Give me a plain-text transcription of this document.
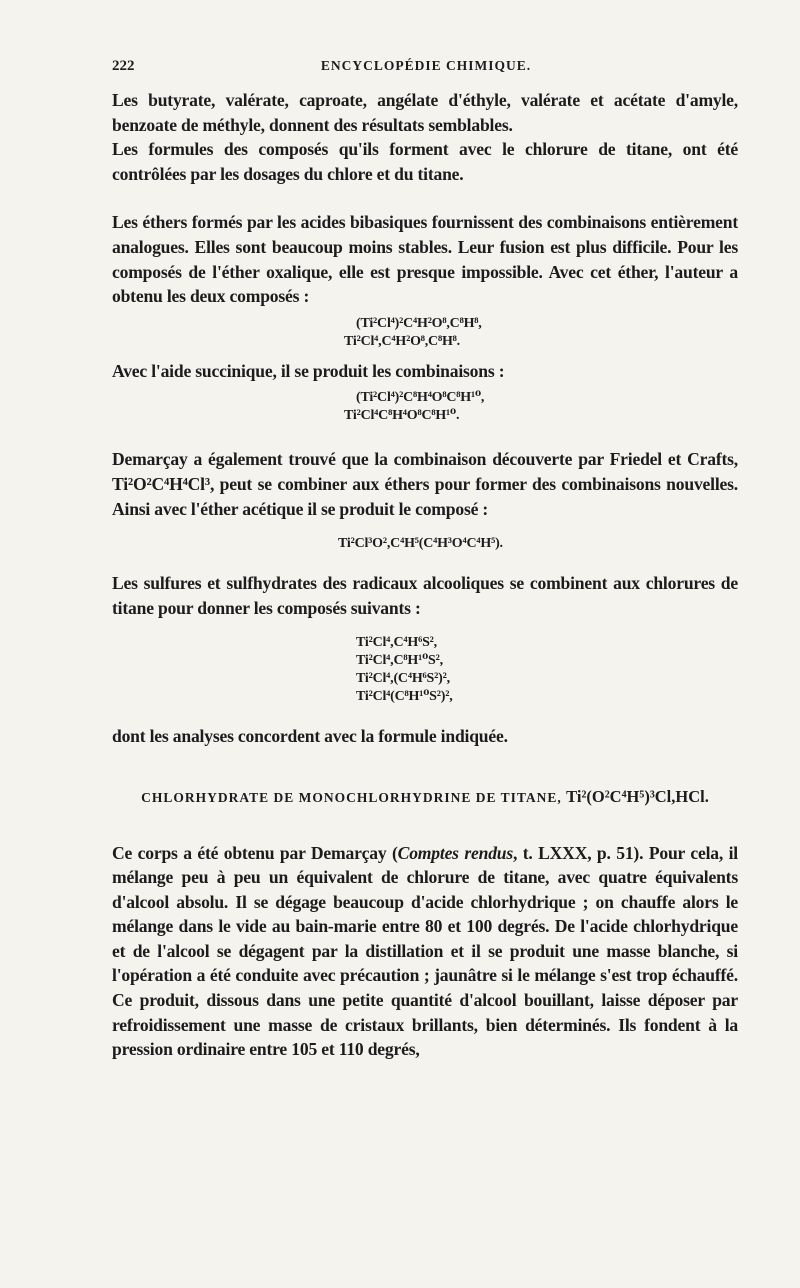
222	ENCYCLOPÉDIE CHIMIQUE.

Les butyrate, valérate, caproate, angélate d'éthyle, valérate et acétate d'amyle, benzoate de méthyle, donnent des résultats semblables.

Les formules des composés qu'ils forment avec le chlorure de titane, ont été contrôlées par les dosages du chlore et du titane.

Les éthers formés par les acides bibasiques fournissent des combinaisons entièrement analogues. Elles sont beaucoup moins stables. Leur fusion est plus difficile. Pour les composés de l'éther oxalique, elle est presque impossible. Avec cet éther, l'auteur a obtenu les deux composés :

(Ti²Cl⁴)²C⁴H²O⁸,C⁸H⁸,
Ti²Cl⁴,C⁴H²O⁸,C⁸H⁸.

Avec l'aide succinique, il se produit les combinaisons :

(Ti²Cl⁴)²C⁸H⁴O⁸C⁸H¹⁰,
Ti²Cl⁴C⁸H⁴O⁸C⁸H¹⁰.

Demarçay a également trouvé que la combinaison découverte par Friedel et Crafts, Ti²O²C⁴H⁴Cl³, peut se combiner aux éthers pour former des combinaisons nouvelles. Ainsi avec l'éther acétique il se produit le composé :

Ti²Cl³O²,C⁴H⁵(C⁴H³O⁴C⁴H⁵).

Les sulfures et sulfhydrates des radicaux alcooliques se combinent aux chlorures de titane pour donner les composés suivants :

Ti²Cl⁴,C⁴H⁶S²,
Ti²Cl⁴,C⁸H¹⁰S²,
Ti²Cl⁴,(C⁴H⁶S²)²,
Ti²Cl⁴(C⁸H¹⁰S²)²,

dont les analyses concordent avec la formule indiquée.

CHLORHYDRATE DE MONOCHLORHYDRINE DE TITANE, Ti²(O²C⁴H⁵)³Cl,HCl.

Ce corps a été obtenu par Demarçay (Comptes rendus, t. LXXX, p. 51). Pour cela, il mélange peu à peu un équivalent de chlorure de titane, avec quatre équivalents d'alcool absolu. Il se dégage beaucoup d'acide chlorhydrique ; on chauffe alors le mélange dans le vide au bain-marie entre 80 et 100 degrés. De l'acide chlorhydrique et de l'alcool se dégagent par la distillation et il se produit une masse blanche, si l'opération a été conduite avec précaution ; jaunâtre si le mélange s'est trop échauffé. Ce produit, dissous dans une petite quantité d'alcool bouillant, laisse déposer par refroidissement une masse de cristaux brillants, bien déterminés. Ils fondent à la pression ordinaire entre 105 et 110 degrés,
